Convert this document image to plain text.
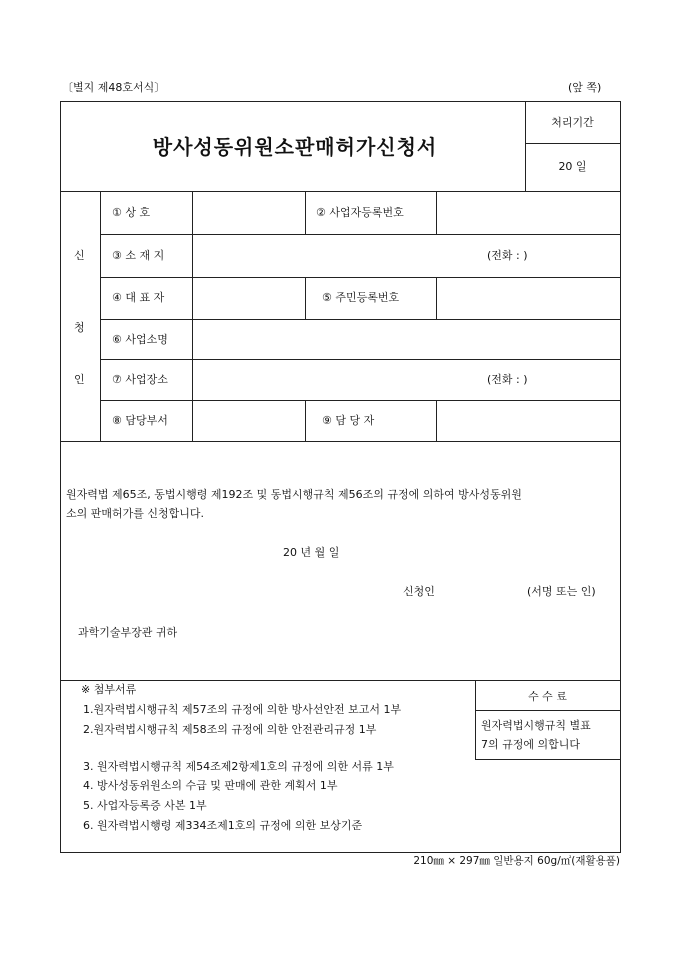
〔별지 제48호서식〕	(앞 쪽)
방사성동위원소판매허가신청서
처리기간
20 일
신
청
인
① 상 호	② 사업자등록번호
③ 소 재 지	(전화 : )
④ 대 표 자	⑤ 주민등록번호
⑥ 사업소명
⑦ 사업장소	(전화 : )
⑧ 담당부서	⑨ 담 당 자
원자력법 제65조, 동법시행령 제192조 및 동법시행규칙 제56조의 규정에 의하여 방사성동위원
소의 판매허가를 신청합니다.
20 년 월 일
신청인	(서명 또는 인)
과학기술부장관 귀하
※ 첨부서류
1.원자력법시행규칙 제57조의 규정에 의한 방사선안전 보고서 1부
2.원자력법시행규칙 제58조의 규정에 의한 안전관리규정 1부
3. 원자력법시행규칙 제54조제2항제1호의 규정에 의한 서류 1부
4. 방사성동위원소의 수급 및 판매에 관한 계획서 1부
5. 사업자등록증 사본 1부
6. 원자력법시행령 제334조제1호의 규정에 의한 보상기준
수 수 료
원자력법시행규칙 별표
7의 규정에 의합니다
210㎜ × 297㎜ 일반용지 60g/㎡(재활용품)
